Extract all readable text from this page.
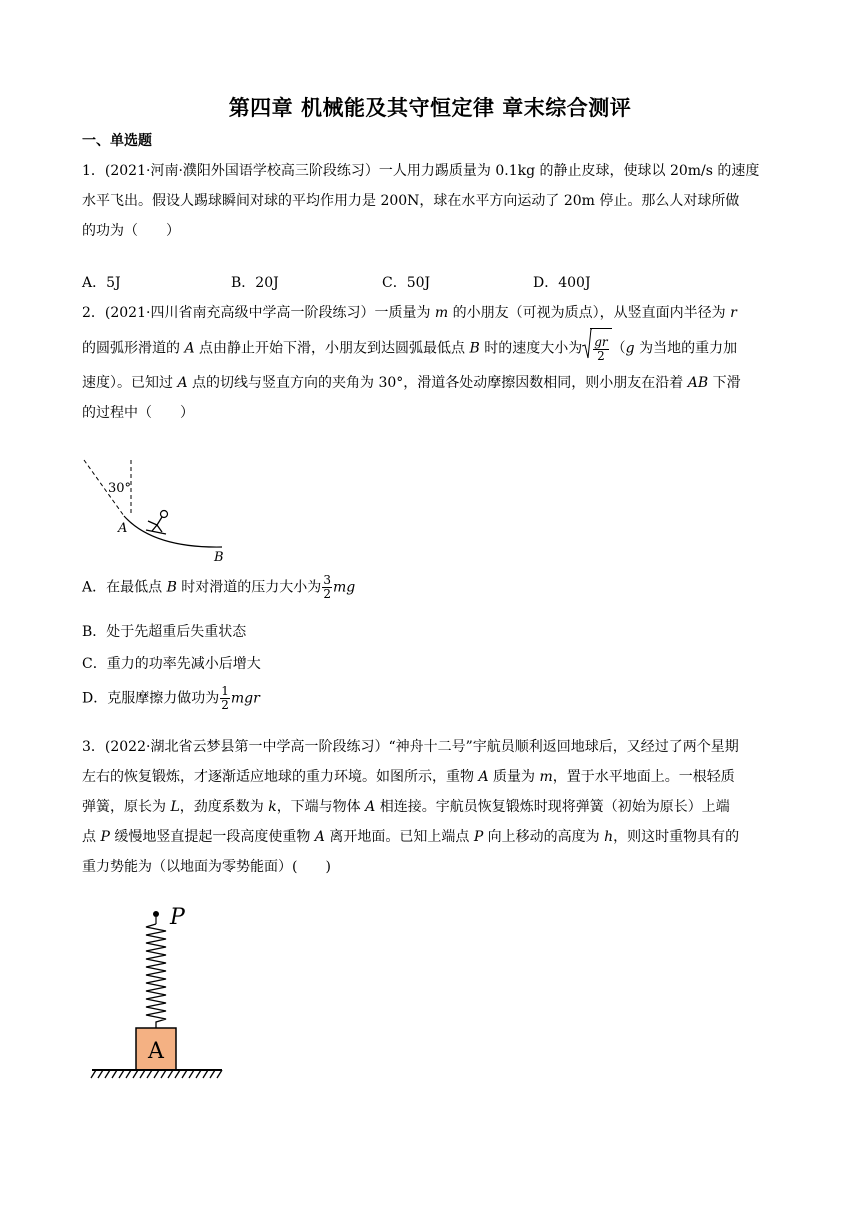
第四章 机械能及其守恒定律 章末综合测评
一、单选题
1．(2021·河南·濮阳外国语学校高三阶段练习）一人用力踢质量为 0.1kg 的静止皮球，使球以 20m/s 的速度
水平飞出。假设人踢球瞬间对球的平均作用力是 200N，球在水平方向运动了 20m 停止。那么人对球所做
的功为（　　）
A．5J	B．20J	C．50J	D．400J
2．(2021·四川省南充高级中学高一阶段练习）一质量为 m 的小朋友（可视为质点），从竖直面内半径为 r
的圆弧形滑道的 A 点由静止开始下滑，小朋友到达圆弧最低点 B 时的速度大小为 $\frac{gr}{2} (g$ 为当地的重力加
速度）。已知过 A 点的切线与竖直方向的夹角为 30°，滑道各处动摩擦因数相同，则小朋友在沿着 AB 下滑
的过程中（　　）
30°
A
B
A．在最低点 B 时对滑道的压力大小为 $\frac{3}{2}$ mg
B．处于先超重后失重状态
C．重力的功率先减小后增大
D．克服摩擦力做功为 $\frac{1}{2}$ mgr
3．(2022·湖北省云梦县第一中学高一阶段练习）“神舟十二号”宇航员顺利返回地球后，又经过了两个星期
左右的恢复锻炼，才逐渐适应地球的重力环境。如图所示，重物 A 质量为 m，置于水平地面上。一根轻质
弹簧，原长为 L，劲度系数为 k，下端与物体 A 相连接。宇航员恢复锻炼时现将弹簧（初始为原长）上端
点 P 缓慢地竖直提起一段高度使重物 A 离开地面。已知上端点 P 向上移动的高度为 h，则这时重物具有的
重力势能为（以地面为零势能面）(　　)
P
A
